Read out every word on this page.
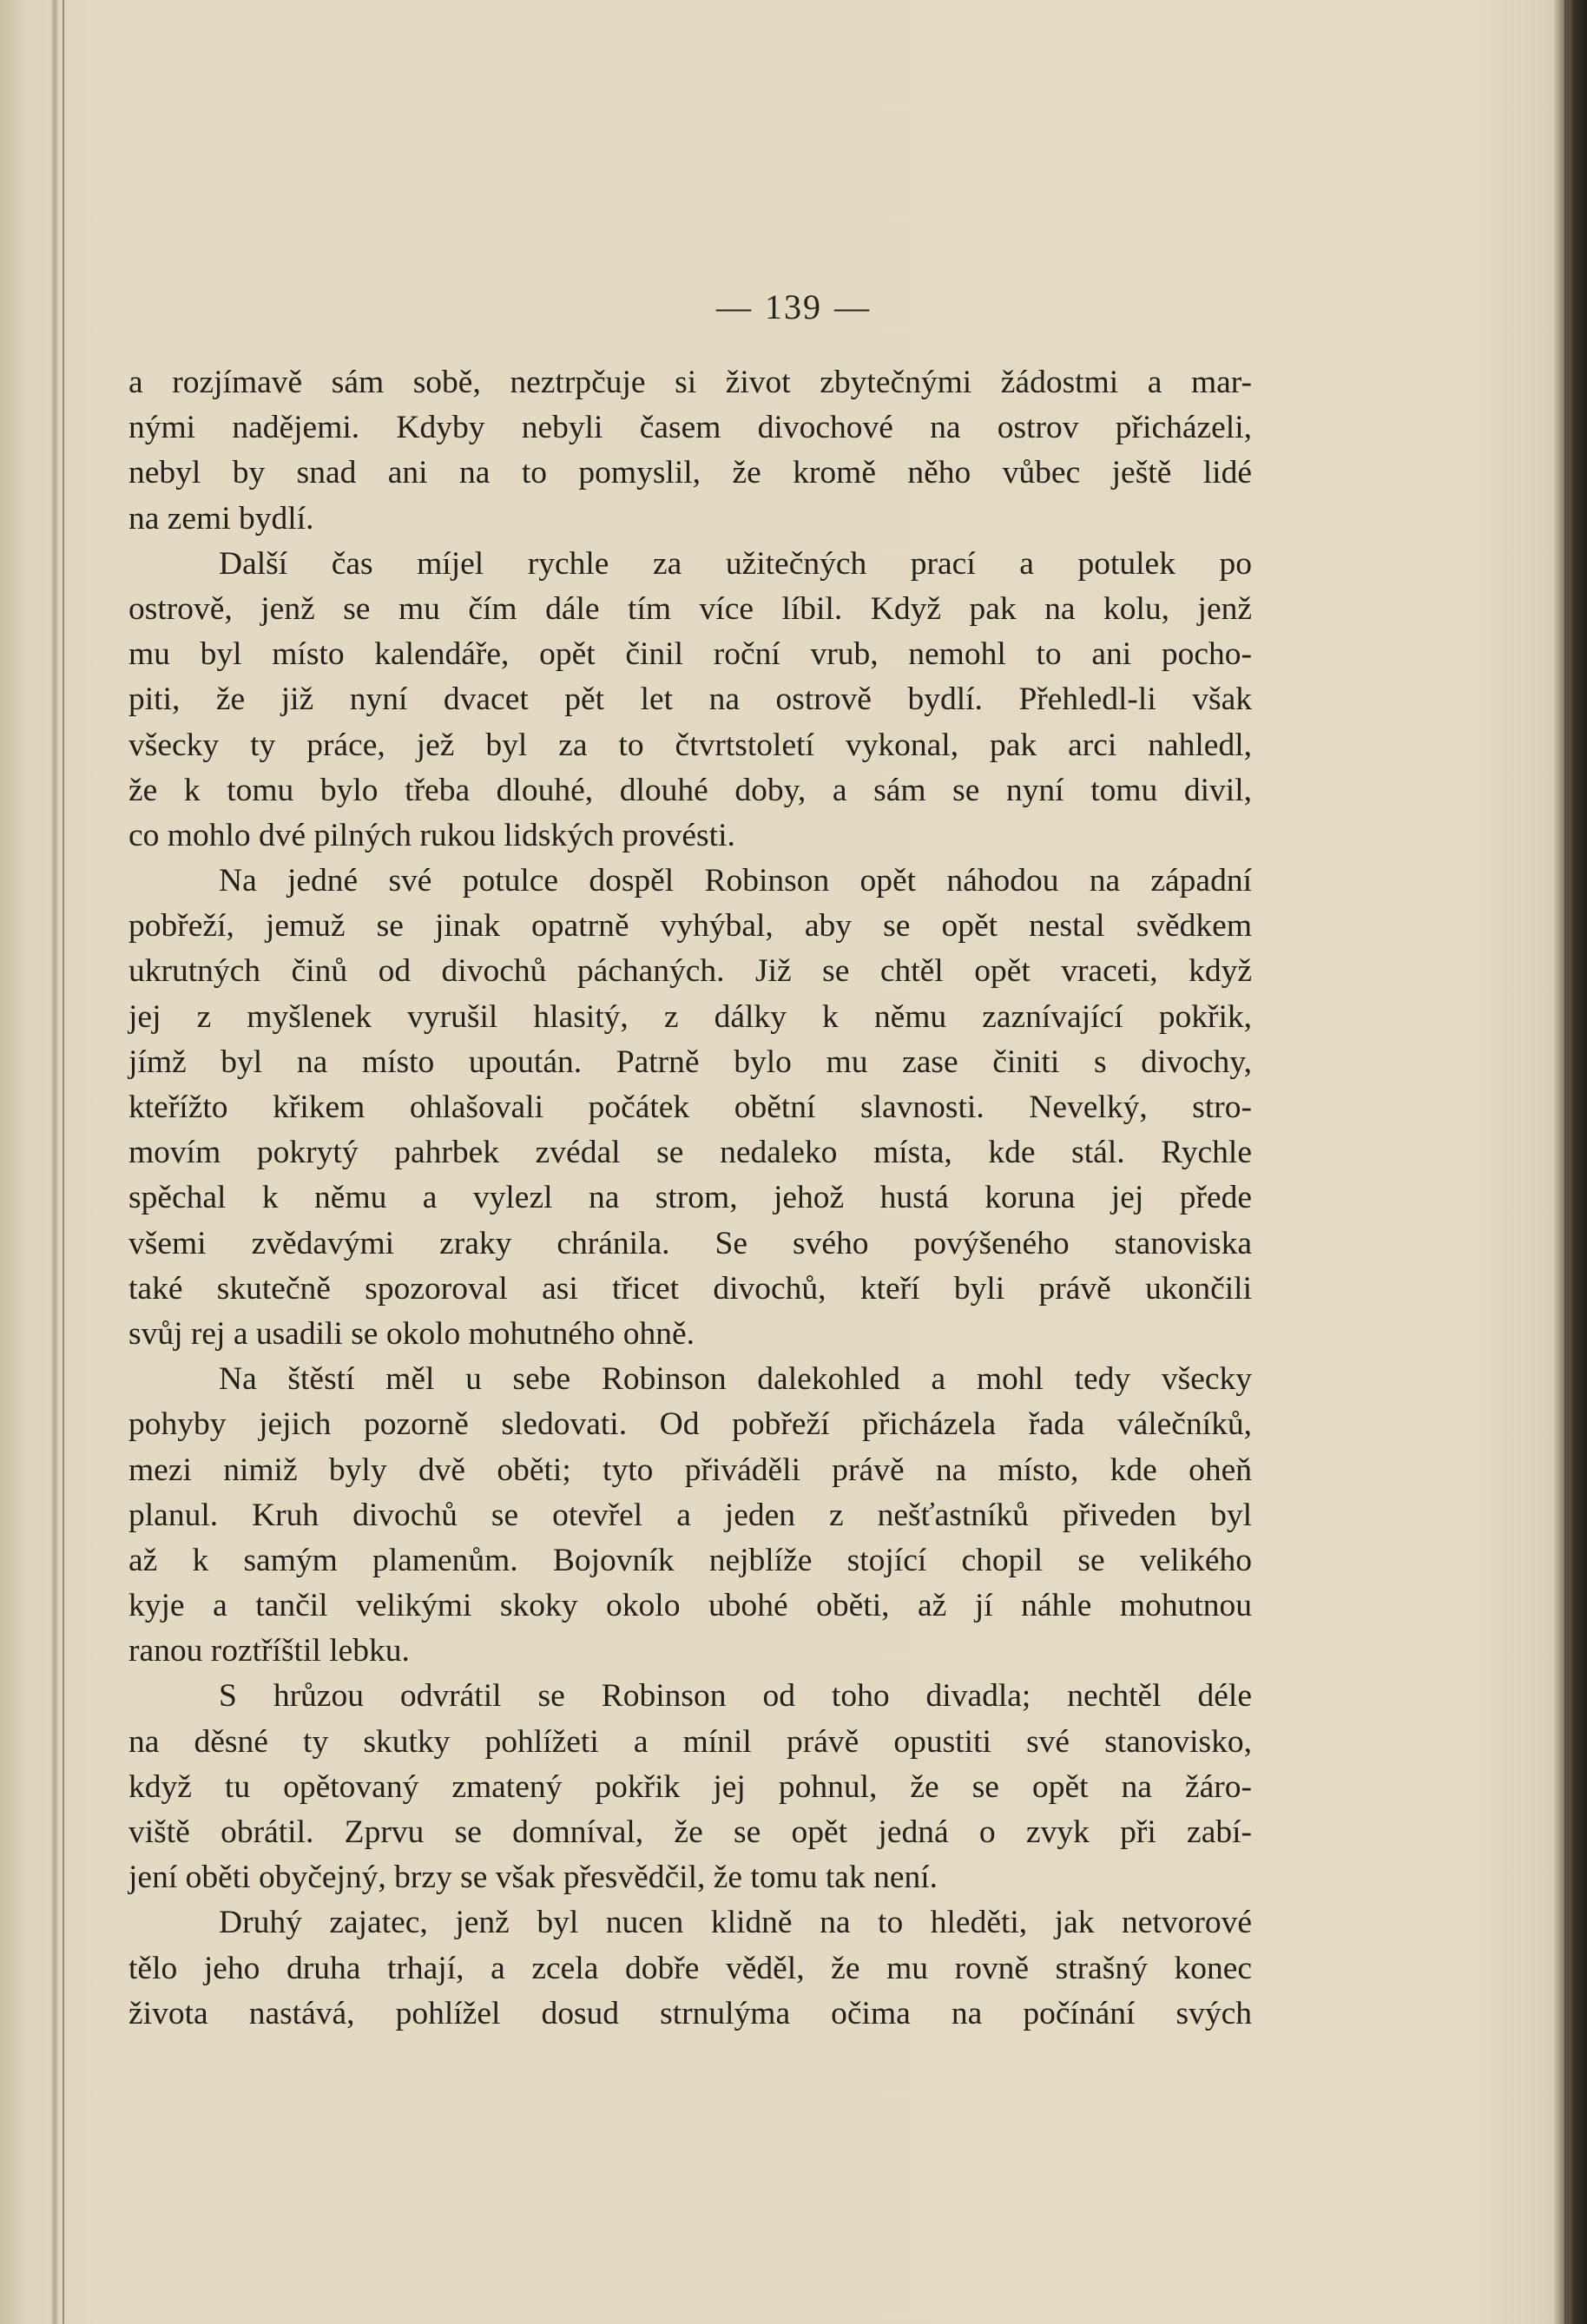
— 139 —
a rozjímavě sám sobě, neztrpčuje si život zbytečnými žádostmi a mar-
nými nadějemi. Kdyby nebyli časem divochové na ostrov přicházeli,
nebyl by snad ani na to pomyslil, že kromě něho vůbec ještě lidé
na zemi bydlí.
Další čas míjel rychle za užitečných prací a potulek po
ostrově, jenž se mu čím dále tím více líbil. Když pak na kolu, jenž
mu byl místo kalendáře, opět činil roční vrub, nemohl to ani pocho-
piti, že již nyní dvacet pět let na ostrově bydlí. Přehledl-li však
všecky ty práce, jež byl za to čtvrtstoletí vykonal, pak arci nahledl,
že k tomu bylo třeba dlouhé, dlouhé doby, a sám se nyní tomu divil,
co mohlo dvé pilných rukou lidských provésti.
Na jedné své potulce dospěl Robinson opět náhodou na západní
pobřeží, jemuž se jinak opatrně vyhýbal, aby se opět nestal svědkem
ukrutných činů od divochů páchaných. Již se chtěl opět vraceti, když
jej z myšlenek vyrušil hlasitý, z dálky k němu zaznívající pokřik,
jímž byl na místo upoután. Patrně bylo mu zase činiti s divochy,
kteřížto křikem ohlašovali počátek obětní slavnosti. Nevelký, stro-
movím pokrytý pahrbek zvédal se nedaleko místa, kde stál. Rychle
spěchal k němu a vylezl na strom, jehož hustá koruna jej přede
všemi zvědavými zraky chránila. Se svého povýšeného stanoviska
také skutečně spozoroval asi třicet divochů, kteří byli právě ukončili
svůj rej a usadili se okolo mohutného ohně.
Na štěstí měl u sebe Robinson dalekohled a mohl tedy všecky
pohyby jejich pozorně sledovati. Od pobřeží přicházela řada válečníků,
mezi nimiž byly dvě oběti; tyto přiváděli právě na místo, kde oheň
planul. Kruh divochů se otevřel a jeden z nešťastníků přiveden byl
až k samým plamenům. Bojovník nejblíže stojící chopil se velikého
kyje a tančil velikými skoky okolo ubohé oběti, až jí náhle mohutnou
ranou roztříštil lebku.
S hrůzou odvrátil se Robinson od toho divadla; nechtěl déle
na děsné ty skutky pohlížeti a mínil právě opustiti své stanovisko,
když tu opětovaný zmatený pokřik jej pohnul, že se opět na žáro-
viště obrátil. Zprvu se domníval, že se opět jedná o zvyk při zabí-
jení oběti obyčejný, brzy se však přesvědčil, že tomu tak není.
Druhý zajatec, jenž byl nucen klidně na to hleděti, jak netvorové
tělo jeho druha trhají, a zcela dobře věděl, že mu rovně strašný konec
života nastává, pohlížel dosud strnulýma očima na počínání svých
